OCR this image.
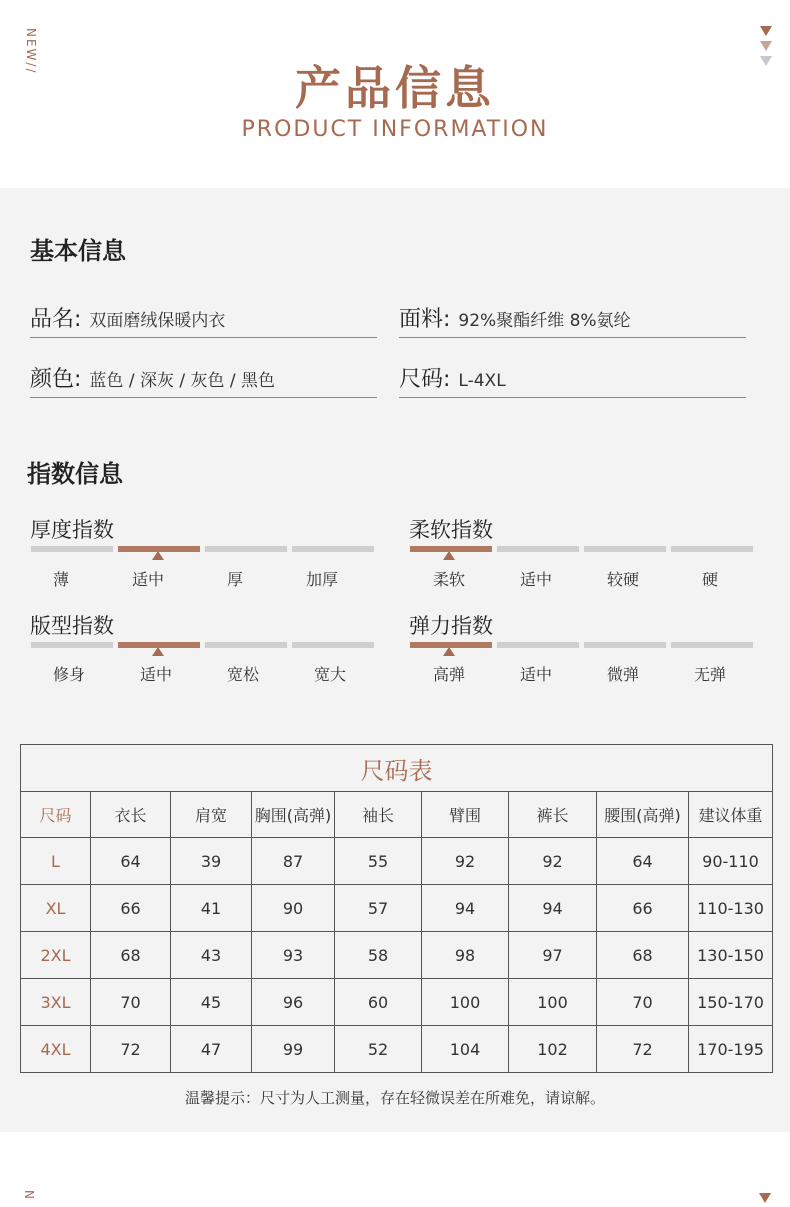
NEW//
产品信息
PRODUCT INFORMATION
基本信息
品名: 双面磨绒保暖内衣	面料: 92%聚酯纤维 8%氨纶
颜色: 蓝色 / 深灰 / 灰色 / 黑色	尺码: L-4XL
指数信息
厚度指数
薄	适中	厚	加厚
柔软指数
柔软	适中	较硬	硬
版型指数
修身	适中	宽松	宽大
弹力指数
高弹	适中	微弹	无弹
尺码表								
尺码	衣长	肩宽	胸围(高弹)	袖长	臂围	裤长	腰围(高弹)	建议体重
L	64	39	87	55	92	92	64	90-110
XL	66	41	90	57	94	94	66	110-130
2XL	68	43	93	58	98	97	68	130-150
3XL	70	45	96	60	100	100	70	150-170
4XL	72	47	99	52	104	102	72	170-195
温馨提示：尺寸为人工测量，存在轻微误差在所难免，请谅解。
N
